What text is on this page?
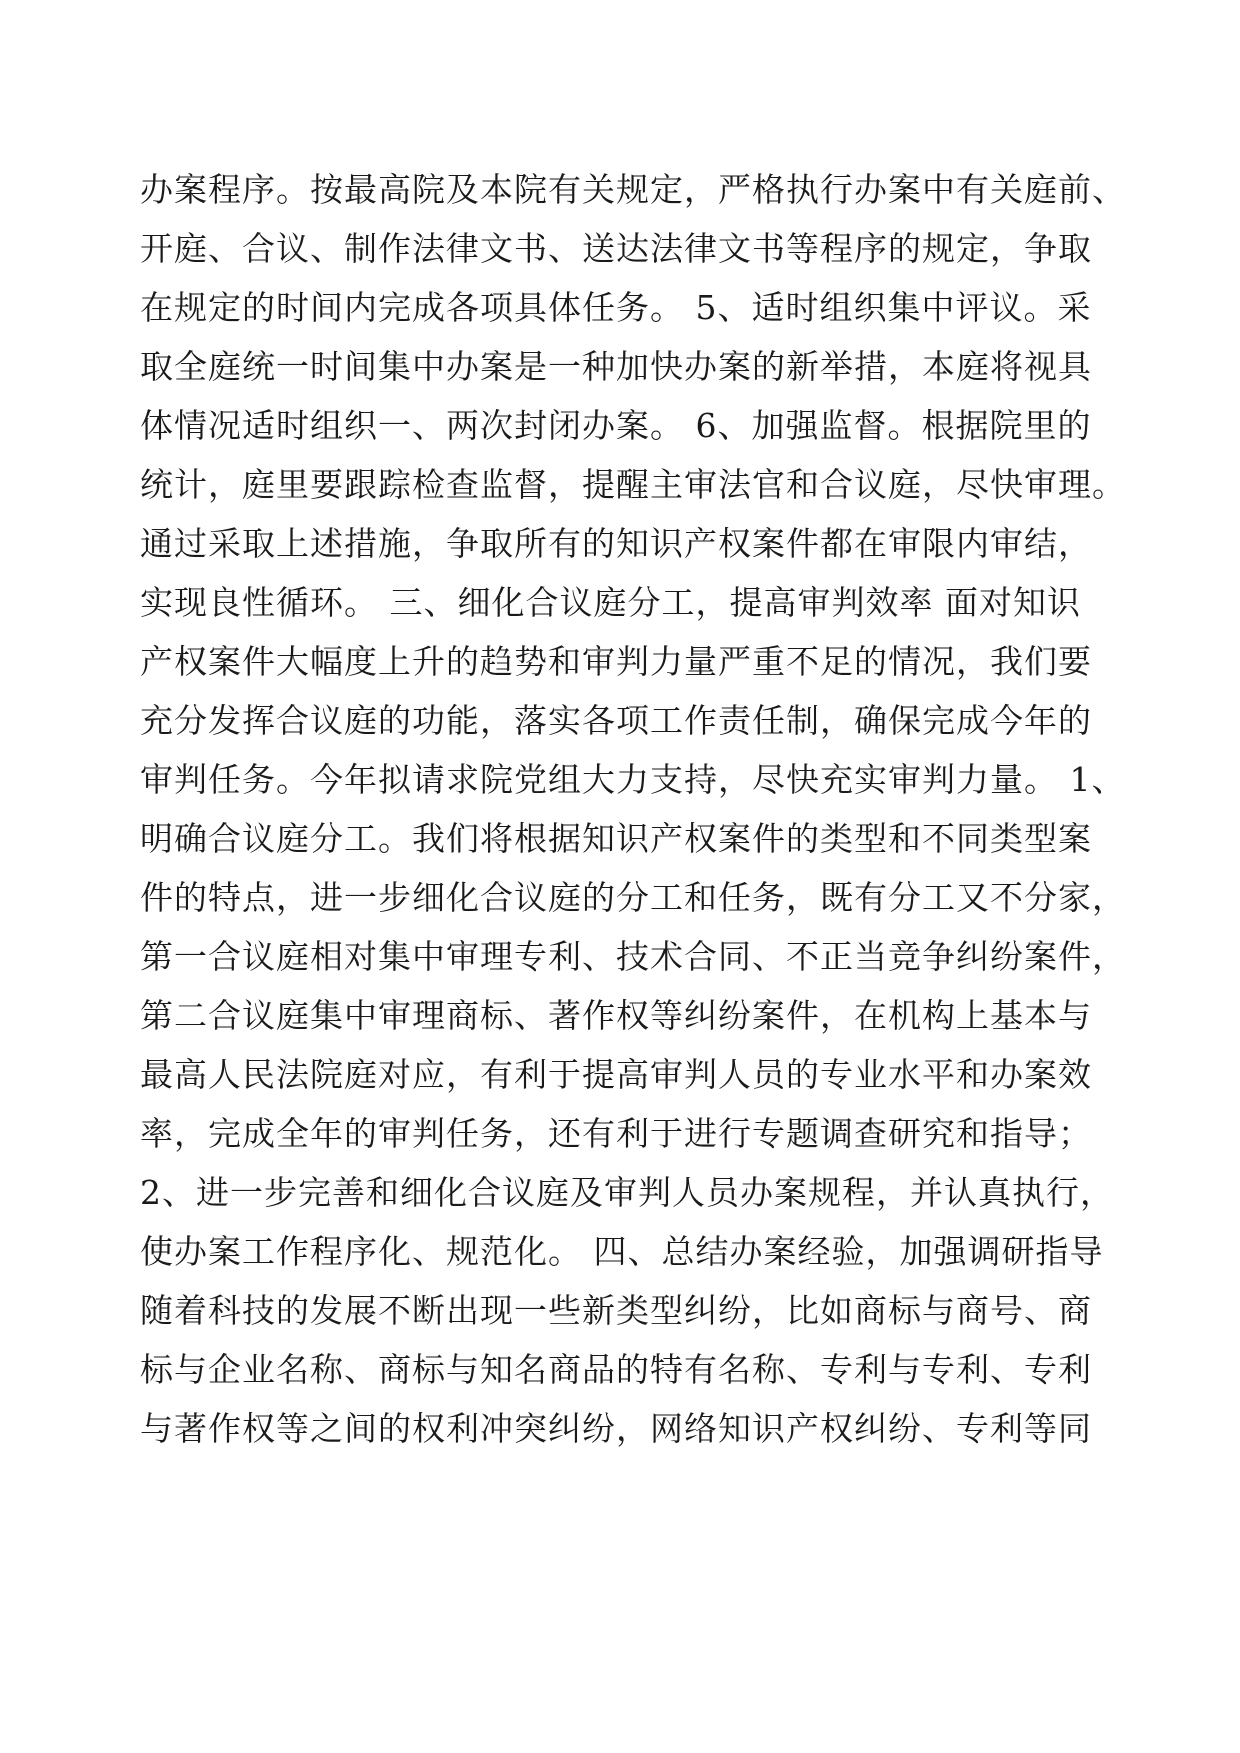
办案程序。按最高院及本院有关规定，严格执行办案中有关庭前、
开庭、合议、制作法律文书、送达法律文书等程序的规定，争取
在规定的时间内完成各项具体任务。 5、适时组织集中评议。采
取全庭统一时间集中办案是一种加快办案的新举措，本庭将视具
体情况适时组织一、两次封闭办案。 6、加强监督。根据院里的
统计，庭里要跟踪检查监督，提醒主审法官和合议庭，尽快审理。
通过采取上述措施，争取所有的知识产权案件都在审限内审结，
实现良性循环。 三、细化合议庭分工，提高审判效率 面对知识
产权案件大幅度上升的趋势和审判力量严重不足的情况，我们要
充分发挥合议庭的功能，落实各项工作责任制，确保完成今年的
审判任务。今年拟请求院党组大力支持，尽快充实审判力量。 1、
明确合议庭分工。我们将根据知识产权案件的类型和不同类型案
件的特点，进一步细化合议庭的分工和任务，既有分工又不分家，
第一合议庭相对集中审理专利、技术合同、不正当竞争纠纷案件，
第二合议庭集中审理商标、著作权等纠纷案件，在机构上基本与
最高人民法院庭对应，有利于提高审判人员的专业水平和办案效
率，完成全年的审判任务，还有利于进行专题调查研究和指导；
2、进一步完善和细化合议庭及审判人员办案规程，并认真执行，
使办案工作程序化、规范化。 四、总结办案经验，加强调研指导
随着科技的发展不断出现一些新类型纠纷，比如商标与商号、商
标与企业名称、商标与知名商品的特有名称、专利与专利、专利
与著作权等之间的权利冲突纠纷，网络知识产权纠纷、专利等同
